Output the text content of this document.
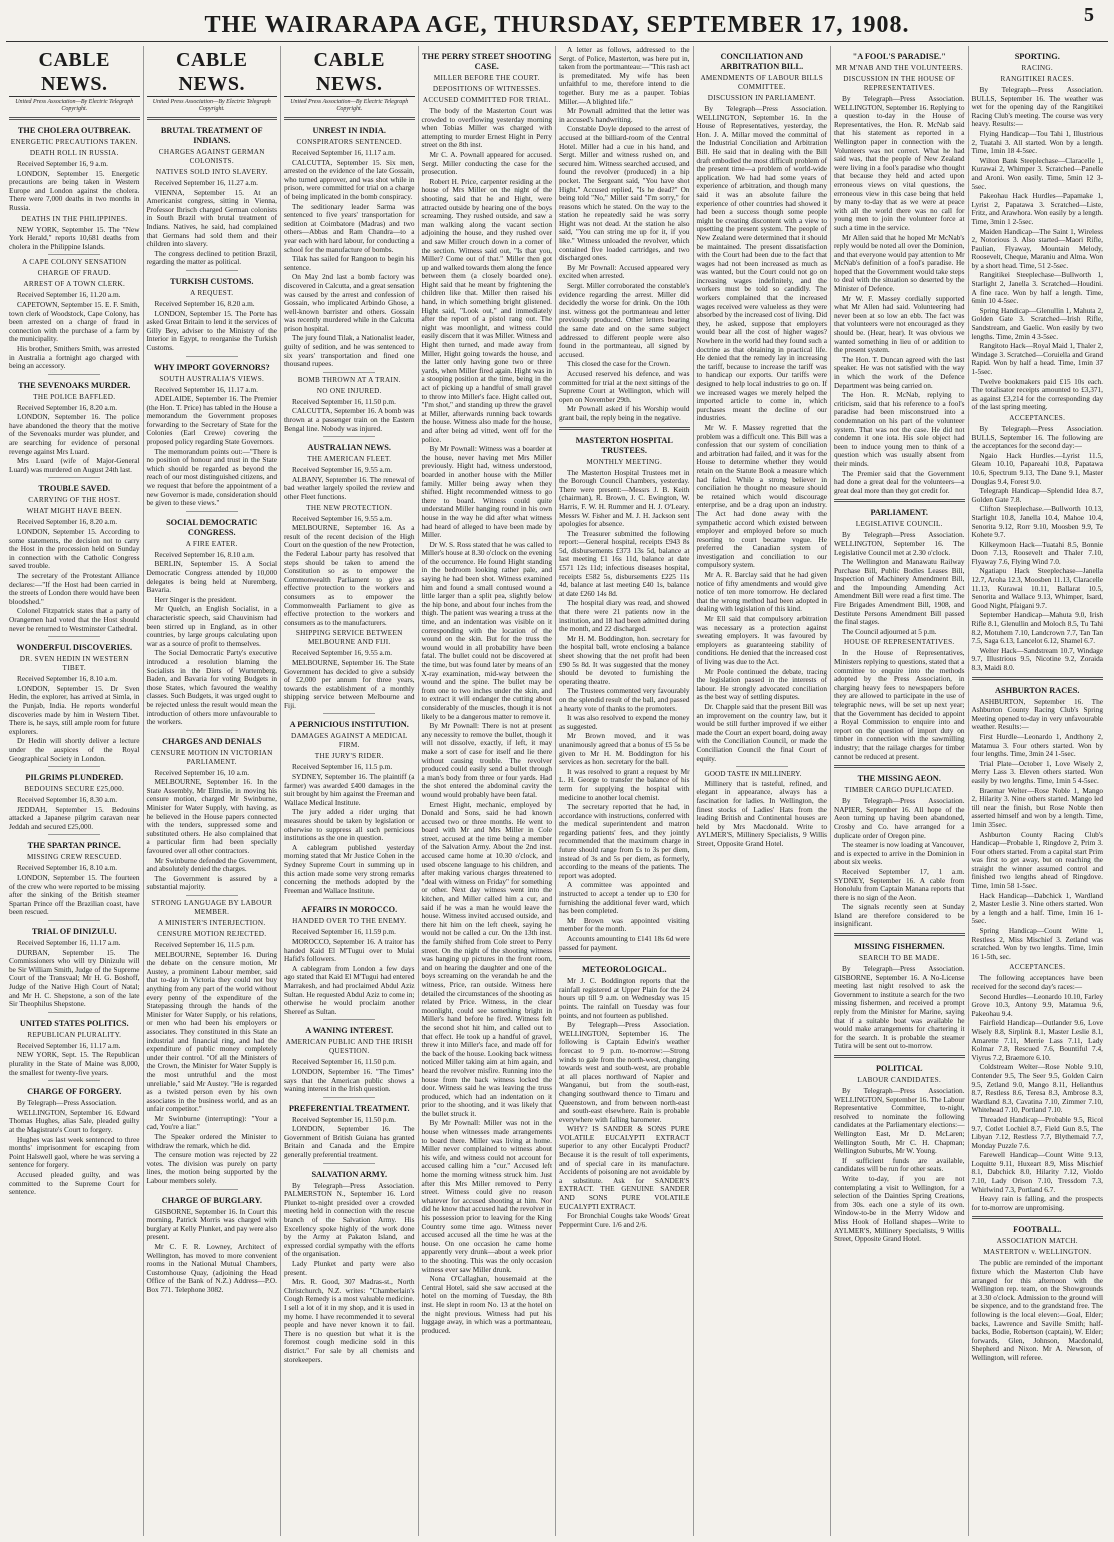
THE WAIRARAPA AGE, THURSDAY, SEPTEMBER 17, 1908.	5
CABLE NEWS.
United Press Association—By Electric Telegraph Copyright.
THE CHOLERA OUTBREAK.
ENERGETIC PRECAUTIONS TAKEN.
DEATH ROLL IN RUSSIA.

Received September 16, 9 a.m.

LONDON, September 15. Energetic precautions are being taken in Western Europe and London against the cholera. There were 7,000 deaths in two months in Russia.

DEATHS IN THE PHILIPPINES.

NEW YORK, September 15. The "New York Herald," reports 10,681 deaths from cholera in the Philippine Islands.

A CAPE COLONY SENSATION
CHARGE OF FRAUD.
ARREST OF A TOWN CLERK.

Received September 16, 11.20 a.m.

CAPETOWN, September 15. E. F. Smith, town clerk of Woodstock, Cape Colony, has been arrested on a charge of fraud in connection with the purchase of a farm by the municipality.

His brother, Smithers Smith, was arrested in Australia a fortnight ago charged with being an accessory.

THE SEVENOAKS MURDER.
THE POLICE BAFFLED.

Received September 16, 8.20 a.m.

LONDON, September 16. The police have abandoned the theory that the motive of the Sevenoaks murder was plunder, and are searching for evidence of personal revenge against Mrs Luard.

Mrs Luard (wife of Major-General Luard) was murdered on August 24th last.

TROUBLE SAVED.
CARRYING OF THE HOST.
WHAT MIGHT HAVE BEEN.

Received September 16, 8.20 a.m.

LONDON, September 15. According to some statements, the decision not to carry the Host in the procession held on Sunday in connection with the Catholic Congress saved trouble.

The secretary of the Protestant Alliance declares:—"If the Host had been carried in the streets of London there would have been bloodshed."

Colonel Fitzpatrick states that a party of Orangemen had voted that the Host should never be returned to Westminster Cathedral.

WONDERFUL DISCOVERIES.
DR. SVEN HEDIN IN WESTERN TIBET.

Received September 16, 8.10 a.m.

LONDON, September 15. Dr Sven Hedin, the explorer, has arrived at Simla, in the Punjab, India. He reports wonderful discoveries made by him in Western Tibet. There is, he says, still ample room for future explorers.

Dr Hedin will shortly deliver a lecture under the auspices of the Royal Geographical Society in London.

PILGRIMS PLUNDERED.
BEDOUINS SECURE £25,000.

Received September 16, 8.30 a.m.

JEDDAH, September 15. Bedouins attacked a Japanese pilgrim caravan near Jeddah and secured £25,000.

THE SPARTAN PRINCE.
MISSING CREW RESCUED.

Received September 16, 8.10 a.m.

LONDON, September 15. The fourteen of the crew who were reported to be missing after the sinking of the British steamer Spartan Prince off the Brazilian coast, have been rescued.

TRIAL OF DINIZULU.

Received September 16, 11.17 a.m.

DURBAN, September 15. The Commissioners who will try Dinizulu will be Sir William Smith, Judge of the Supreme Court of the Transvaal; Mr H. G. Boshoff, Judge of the Native High Court of Natal; and Mr H. C. Shepstone, a son of the late Sir Theophilus Shepstone.

UNITED STATES POLITICS.
REPUBLICAN PLURALITY.

Received September 16, 11.17 a.m.

NEW YORK, Sept. 15. The Republican plurality in the State of Maine was 8,000, the smallest for twenty-five years.

CHARGE OF FORGERY.

By Telegraph—Press Association.

WELLINGTON, September 16. Edward Thomas Hughes, alias Sale, pleaded guilty at the Magistrate's Court to forgery.

Hughes was last week sentenced to three months' imprisonment for escaping from Point Halswell gaol, where he was serving a sentence for forgery.

Accused pleaded guilty, and was committed to the Supreme Court for sentence.

CABLE NEWS.
United Press Association—By Electric Telegraph Copyright.
BRUTAL TREATMENT OF INDIANS.
CHARGES AGAINST GERMAN COLONISTS.
NATIVES SOLD INTO SLAVERY.

Received September 16, 11.27 a.m.

VIENNA, September 15. At an Americanist congress, sitting in Vienna, Professor Ihrisch charged German colonists in South Brazil with brutal treatment of Indians. Natives, he said, had complained that Germans had sold them and their children into slavery.

The congress declined to petition Brazil, regarding the matter as political.

TURKISH CUSTOMS.
A REQUEST.

Received September 16, 8.20 a.m.

LONDON, September 15. The Porte has asked Great Britain to lend it the services of Gilly Bey, adviser to the Ministry of the Interior in Egypt, to reorganise the Turkish Customs.

WHY IMPORT GOVERNORS?
SOUTH AUSTRALIA'S VIEWS.

Received September 16, 11.17 a.m.

ADELAIDE, September 16. The Premier (the Hon. T. Price) has tabled in the House a memorandum the Government proposes forwarding to the Secretary of State for the Colonies (Earl Crewe) covering the proposed policy regarding State Governors.

The memorandum points out:—"There is no position of honour and trust in the State which should be regarded as beyond the reach of our most distinguished citizens, and we request that before the appointment of a new Governor is made, consideration should be given to these views."

SOCIAL DEMOCRATIC CONGRESS.
A FIRE EATER.

Received September 16, 8.10 a.m.

BERLIN, September 15. A Social Democratic Congress attended by 10,000 delegates is being held at Nuremberg, Bavaria.

Herr Singer is the president.

Mr Quelch, an English Socialist, in a characteristic speech, said Chauvinism had been stirred up in England, as in other countries, by large groups calculating upon war as a source of profit to themselves.

The Social Democratic Party's executive introduced a resolution blaming the Socialists in the Diets of Wurtemberg, Baden, and Bavaria for voting Budgets in those States, which favoured the wealthy classes. Such Budgets, it was urged ought to be rejected unless the result would mean the introduction of others more unfavourable to the workers.

CHARGES AND DENIALS
CENSURE MOTION IN VICTORIAN PARLIAMENT.

Received September 16, 10 a.m.

MELBOURNE, September 16. In the State Assembly, Mr Elmslie, in moving his censure motion, charged Mr Swinburne, Minister for Water Supply, with having, as he believed in the House papers connected with the tenders, suppressed some and substituted others. He also complained that a particular firm had been specially favoured over all other contractors.

Mr Swinburne defended the Government, and absolutely denied the charges.

The Government is assured by a substantial majority.

STRONG LANGUAGE BY LABOUR MEMBER.
A MINISTER'S INTERJECTION.
CENSURE MOTION REJECTED.

Received September 16, 11.5 p.m.

MELBOURNE, September 16. During the debate on the censure motion, Mr Austey, a prominent Labour member, said that to-day in Victoria they could not buy anything from any part of the world without every penny of the expenditure of the Statepassing through the hands of the Minister for Water Supply, or his relations, or men who had been his employers or associates. They constituted in this State an industrial and financial ring, and had the expenditure of public money completely under their control. "Of all the Ministers of the Crown, the Minister for Water Supply is the most untruthful and the most unreliable," said Mr Austey. "He is regarded as a twisted person even by his own associates in the business world, and as an unfair competitor."

Mr Swinburne (interrupting): "Your a cad, You're a liar."

The Speaker ordered the Minister to withdraw the remark, which he did.

The censure motion was rejected by 22 votes. The division was purely on party lines, the motion being supported by the Labour members solely.

CHARGE OF BURGLARY.

GISBORNE, September 16. In Court this morning, Patrick Morris was charged with burglary at Kelly Plunket, and pay were also present.

Mr C. F. R. Lowney, Architect of Wellington, has moved to more convenient rooms in the National Mutual Chambers, Customhouse Quay, (adjoining the Head Office of the Bank of N.Z.) Address—P.O. Box 771. Telephone 3082.

CABLE NEWS.
United Press Association—By Electric Telegraph Copyright.
UNREST IN INDIA.
CONSPIRATORS SENTENCED.

Received September 16, 11.17 a.m.

CALCUTTA, September 15. Six men, arrested on the evidence of the late Gossain, who turned approver, and was shot while in prison, were committed for trial on a charge of being implicated in the bomb conspiracy.

The seditionary leader Sarma was sentenced to five years' transportation for sedition at Coimbatore (Madras) and two others—Abbas and Ram Chandra—to a year each with hard labour, for conducting a school for the manufacture of bombs.

Tilak has sailed for Rangoon to begin his sentence.

On May 2nd last a bomb factory was discovered in Calcutta, and a great sensation was caused by the arrest and confession of Gossain, who implicated Arbindo Ghose, a well-known barrister and others. Gossain was recently murdered while in the Calcutta prison hospital.

The jury found Tilak, a Nationalist leader, guilty of sedition, and he was sentenced to six years' transportation and fined one thousand rupees.

BOMB THROWN AT A TRAIN.
NO ONE INJURED.

Received September 16, 11.50 p.m.

CALCUTTA, September 16. A bomb was thrown at a passenger train on the Eastern Bengal line. Nobody was injured.

AUSTRALIAN NEWS.
THE AMERICAN FLEET.

Received September 16, 9.55 a.m.

ALBANY, September 16. The renewal of bad weather largely spoiled the review and other Fleet functions.

THE NEW PROTECTION.

Received September 16, 9.55 a.m.

MELBOURNE, September 16. As a result of the recent decision of the High Court on the question of the new Protection, the Federal Labour party has resolved that steps should be taken to amend the Constitution so as to empower the Commonwealth Parliament to give as effective protection to the workers and consumers as to empower the Commonwealth Parliament to give as effective protection to the workers and consumers as to the manufacturers.

SHIPPING SERVICE BETWEEN MELBOURNE AND FIJI.

Received September 16, 9.55 a.m.

MELBOURNE, September 16. The State Government has decided to give a subsidy of £2,000 per annum for three years, towards the establishment of a monthly shipping service between Melbourne and Fiji.

A PERNICIOUS INSTITUTION.
DAMAGES AGAINST A MEDICAL FIRM.
THE JURY'S RIDER.

Received September 16, 11.5 p.m.

SYDNEY, September 16. The plaintiff (a farmer) was awarded £400 damages in the suit brought by him against the Freeman and Wallace Medical Institute.

The jury added a rider urging that measures should be taken by legislation or otherwise to suppress all such pernicious institutions as the one in question.

A cablegram published yesterday morning stated that Mr Justice Cohen in the Sydney Supreme Court in summing up in this action made some very strong remarks concerning the methods adopted by the Freeman and Wallace Institute.

AFFAIRS IN MOROCCO.
HANDED OVER TO THE ENEMY.

Received September 16, 11.59 p.m.

MOROCCO, September 16. A traitor has handed Kaid El M'Tugui over to Mulai Hafid's followers.

A cablegram from London a few days ago stated that Kaid El M'Tugui had entered Marrakesh, and had proclaimed Abdul Aziz Sultan. He requested Abdul Aziz to come in; otherwise he would proclaim another Shereef as Sultan.

A WANING INTEREST.
AMERICAN PUBLIC AND THE IRISH QUESTION.

Received September 16, 11.50 p.m.

LONDON, September 16. "The Times" says that the American public shows a waning interest in the Irish question.

PREFERENTIAL TREATMENT.

Received September 16, 11.50 p.m.

LONDON, September 16. The Government of British Guiana has granted Britain and Canada and the Empire generally preferential treatment.

SALVATION ARMY.

By Telegraph—Press Association. PALMERSTON N., September 16. Lord Plunket to-night presided over a crowded meeting held in connection with the rescue branch of the Salvation Army. His Excellency spoke highly of the work done by the Army at Pakaton Island, and expressed cordial sympathy with the efforts of the organisation.

Lady Plunket and party were also present.

Mrs. R. Good, 307 Madras-st., North Christchurch, N.Z. writes: "Chamberlain's Cough Remedy is a most valuable medicine. I sell a lot of it in my shop, and it is used in my home. I have recommended it to several people and have never known it to fail. There is no question but what it is the foremost cough medicine sold in this district." For sale by all chemists and storekeepers.

THE PERRY STREET SHOOTING CASE.
MILLER BEFORE THE COURT.
DEPOSITIONS OF WITNESSES.
ACCUSED COMMITTED FOR TRIAL.

The body of the Masterton Court was crowded to overflowing yesterday morning when Tobias Miller was charged with attempting to murder Ernest Hight in Perry street on the 8th inst.

Mr C. A. Pownall appeared for accused. Sergt. Miller conducting the case for the prosecution.

Robert H. Price, carpenter residing at the house of Mrs Miller on the night of the shooting, said that he and Hight, were attracted outside by hearing one of the boys screaming. They rushed outside, and saw a man walking along the vacant section adjoining the house, and they rushed over and saw Miller crouch down in a corner of the section. Witness said out, "Is that you, Miller? Come out of that." Miller then got up and walked towards them along the fence between them (a closely boarded one). Hight said that he meant by frightening the children like that. Miller then raised his hand, in which something bright glistened. Hight said, "Look out," and immediately after the report of a pistol rang out. The night was moonlight, and witness could easily discern that it was Miller. Witness and Hight then turned, and made away from Miller, Hight going towards the house, and the latter only having gone two or three yards, when Miller fired again. Hight was in a stooping position at the time, being in the act of picking up a handful of small gravel to throw into Miller's face. Hight called out, "I'm shot," and standing up threw the gravel at Miller, afterwards running back towards the house. Witness also made for the house, and after being ad vitted, went off for the police.

By Mr Pownall: Witness was a boarder at the house, never having met Mrs Miller previously. Hight had, witness understood, boarded in another house with the Miller family. Miller being away when they shifted. Hight recommended witness to go there to board. Witness could quite understand Miller hanging round in his own house in the way he did after what witness had heard of alleged to have been made by Miller.

Dr W. S. Ross stated that he was called to Miller's house at 8.30 o'clock on the evening of the occurrence. He found Hight standing in the bedroom looking rather pale, and saying he had been shot. Witness examined him and found a small contused wound a little larger than a split pea, slightly below the hip bone, and about four inches from the thigh. The patient was wearing a truss at the time, and an indentation was visible on it corresponding with the location of the wound on the skin. But for the truss the wound would in all probability have been fatal. The bullet could not be discovered at the time, but was found later by means of an X-ray examination, mid-way between the wound and the spine. The bullet may be from one to two inches under the skin, and to extract it will endanger the cutting about considerably of the muscles, though it is not likely to be a dangerous matter to remove it.

By Mr Pownall: There is not at present any necessity to remove the bullet, though it will not dissolve, exactly, if left, it may make a sort of case for itself and lie there without causing trouble. The revolver produced could easily send a bullet through a man's body from three or four yards. Had the shot entered the abdominal cavity the wound would probably have been fatal.

Ernest Hight, mechanic, employed by Donald and Sons, said he had known accused two or three months. He went to board with Mr and Mrs Miller in Cole street, accused at the time being a member of the Salvation Army. About the 2nd inst. accused came home at 10.30 o'clock, and used obscene language to his children, and after making various charges threatened to "deal with witness on Friday" for something or other. Next day witness went into the kitchen, and Miller called him a cur, and said if he was a man he would leave the house. Witness invited accused outside, and there hit him on the left cheek, saying he would not be called a cur. On the 13th inst. the family shifted from Cole street to Perry street. On the night of the shooting witness was hanging up pictures in the front room, and on hearing the daughter and one of the boys screaming on the verandah he and the witness, Price, ran outside. Witness here detailed the circumstances of the shooting as related by Price. Witness, in the clear moonlight, could see something bright in Miller's hand before he fired. Witness felt the second shot hit him, and called out to that effect. He took up a handful of gravel, threw it into Miller's face, and made off for the back of the house. Looking back witness noticed Miller taking aim at him again, and heard the revolver misfire. Running into the house from the back witness locked the door. Witness said he was leaving the truss produced, which had an indentation on it prior to the shooting, and it was likely that the bullet struck it.

By Mr Pownall: Miller was not in the house when witnesses made arrangements to board there. Miller was living at home. Miller never complained to witness about his wife, and witness could not account for accused calling him a "cur." Accused left home the morning witness struck him. Just after this Mrs Miller removed to Perry street. Witness could give no reason whatever for accused shooting at him. Nor did he know that accused had the revolver in his possession prior to leaving for the King Country some time ago. Witness never accused accused all the time he was at the house. On one occasion he came home apparently very drunk—about a week prior to the shooting. This was the only occasion witness ever saw Miller drunk.

Nona O'Callaghan, housemaid at the Central Hotel, said she saw accused at the hotel on the morning of Tuesday, the 8th inst. He slept in room No. 13 at the hotel on the night previous. Witness had put his luggage away, in which was a portmanteau, produced.

A letter as follows, addressed to the Sergt. of Police, Masterton, was here put in, taken from the portmanteau:—"This rash act is premeditated. My wife has been unfaithful to me, therefore intend to die together. Bury me as a pauper. Tobias Miller.—A blighted life."

Mr Pownall admitted that the letter was in accused's handwriting.

Constable Doyle deposed to the arrest of accused at the billiard-room of the Central Hotel. Miller had a cue in his hand, and Sergt. Miller and witness rushed on, and secured him. Witness searched accused, and found the revolver (produced) in a hip pocket. The Sergeant said, "You have shot Hight." Accused replied, "Is he dead?" On being told "No," Miller said "I'm sorry," for reasons which he stated. On the way to the station he repeatedly said he was sorry Hight was not dead. At the station he also said, "You can string me up for it, if you like." Witness unloaded the revolver, which contained five loaded cartridges, and two discharged ones.

By Mr Pownall: Accused appeared very excited when arrested.

Sergt. Miller corroborated the constable's evidence regarding the arrest. Miller did decidedly the worse for drink. On the 10th inst. witness got the portmanteau and letter previously produced. Other letters bearing the same date and on the same subject addressed to different people were also found in the portmanteau, all signed by accused.

This closed the case for the Crown.

Accused reserved his defence, and was committed for trial at the next sittings of the Supreme Court at Wellington, which will open on November 29th.

Mr Pownall asked if his Worship would grant bail, the reply being in the negative.

MASTERTON HOSPITAL TRUSTEES.
MONTHLY MEETING.

The Masterton Hospital Trustees met in the Borough Council Chambers, yesterday. There were present:—Messrs J. B. Keith (chairman), R. Brown, J. C. Ewington, W. Harris, F. W. H. Rummer and H. J. O'Leary. Messrs W. Fisher and M. J. H. Jackson sent apologies for absence.

The Treasurer submitted the following report:—General hospital, receipts £943 8s 5d, disbursements £373 13s 5d, balance at last meeting £1 16s 11d, balance at date £571 12s 11d; infectious diseases hospital, receipts £582 5s, disbursements £225 11s 4d, balance at last meeting £40 1s, balance at date £260 14s 8d.

The hospital diary was read, and showed that there were 21 patients now in the institution, and 18 had been admitted during the month, and 22 discharged.

Mr H. M. Boddington, hon. secretary for the hospital ball, wrote enclosing a balance sheet showing that the net profit had been £90 5s 8d. It was suggested that the money should be devoted to furnishing the operating theatre.

The Trustees commented very favourably on the splendid result of the ball, and passed a hearty vote of thanks to the promoters.

It was also resolved to expend the money as suggested.

Mr Brown moved, and it was unanimously agreed that a bonus of £5 5s be given to Mr H. M. Boddington for his services as hon. secretary for the ball.

It was resolved to grant a request by Mr L. H. George to transfer the balance of his term for supplying the hospital with medicine to another local chemist.

The secretary reported that he had, in accordance with instructions, conferred with the medical superintendent and matron regarding patients' fees, and they jointly recommended that the maximum charge in future should range from £s to 3s per diem, instead of 3s and 5s per diem, as formerly, according to the means of the patients. The report was adopted.

A committee was appointed and instructed to accept a tender up to £30 for furnishing the additional fever ward, which has been completed.

Mr Brown was appointed visiting member for the month.

Accounts amounting to £141 18s 6d were passed for payment.

METEOROLOGICAL.

Mr J. C. Boddington reports that the rainfall registered at Upper Plain for the 24 hours up till 9 a.m. on Wednesday was 15 points. The rainfall on Tuesday was four points, and not fourteen as published.

By Telegraph—Press Association. WELLINGTON, September 16. The following is Captain Edwin's weather forecast to 9 p.m. to-morrow:—Strong winds to gale from the north-west, changing towards west and south-west, are probable at all places northward of Napier and Wanganui, but from the south-east, changing southward thence to Timaru and Queenstown, and from between north-east and south-east elsewhere. Rain is probable everywhere with falling barometer.

WHY? IS SANDER & SONS PURE VOLATILE EUCALYPTI EXTRACT superior to any other Eucalypti Product? Because it is the result of toll experiments, and of special care in its manufacture. Accidents of poisoning are not avoidable by a substitute. Ask for SANDER'S EXTRACT. THE GENUINE SANDER AND SONS PURE VOLATILE EUCALYPTI EXTRACT.

For Bronchial Coughs take Woods' Great Peppermint Cure. 1/6 and 2/6.

CONCILIATION AND ARBITRATION BILL.
AMENDMENTS OF LABOUR BILLS COMMITTEE.
DISCUSSION IN PARLIAMENT.

By Telegraph—Press Association. WELLINGTON, September 16. In the House of Representatives, yesterday, the Hon. J. A. Millar moved the committal of the Industrial Conciliation and Arbitration Bill. He said that in dealing with the Bill draft embodied the most difficult problem of the present time—a problem of world-wide application. We had had some years of experience of arbitration, and though many said it was an absolute failure the experience of other countries had showed it had been a success though some people might be creating discontent with a view to upsetting the present system. The people of New Zealand were determined that it should be maintained. The present dissatisfaction with the Court had been due to the fact that wages had not been increased as much as was wanted, but the Court could not go on increasing wages indefinitely, and the workers must be told so candidly. The workers complained that the increased wages received were valueless as they were absorbed by the increased cost of living. Did they, he asked, suppose that employers would bear all the cost of higher wages? Nowhere in the world had they found such a doctrine as that obtaining in practical life. He denied that the remedy lay in increasing the tariff, because to increase the tariff was to handicap our exports. Our tariffs were designed to help local industries to go on. If we increased wages we merely helped the imported article to come in, which purchases meant the decline of our industries.

Mr W. F. Massey regretted that the problem was a difficult one. This Bill was a confession that our system of conciliation and arbitration had failed, and it was for the House to determine whether they would retain on the Statute Book a measure which had failed. While a strong believer in conciliation he thought no measure should be retained which would discourage enterprise, and be a drag upon an industry. The Act had done away with the sympathetic accord which existed between employer and employed before so much resorting to court became vogue. He preferred the Canadian system of investigation and conciliation to our compulsory system.

Mr A. R. Barclay said that he had given notice of fifty amendments and would give notice of ten more tomorrow. He declared that the wrong method had been adopted in dealing with legislation of this kind.

Mr Ell said that compulsory arbitration was necessary as a protection against sweating employers. It was favoured by employers as guaranteeing stability of conditions. He denied that the increased cost of living was due to the Act.

Mr Poole continued the debate, tracing the legislation passed in the interests of labour. He strongly advocated conciliation as the best way of settling disputes.

Dr. Chapple said that the present Bill was an improvement on the country law, but it would be still further improved if we either made the Court an expert board, doing away with the Conciliation Council, or made the Conciliation Council the final Court of equity.

GOOD TASTE IN MILLINERY.

Millinery that is tasteful, refined, and elegant in appearance, always has a fascination for ladies. In Wellington, the finest stocks of Ladies' Hats from the leading British and Continental houses are held by Mrs Macdonald. Write to AYLMER'S, Millinery Specialists, 9 Willis Street, Opposite Grand Hotel.

"A FOOL'S PARADISE."
MR M'NAB AND THE VOLUNTEERS.
DISCUSSION IN THE HOUSE OF REPRESENTATIVES.

By Telegraph—Press Association. WELLINGTON, September 16. Replying to a question to-day in the House of Representatives, the Hon. R. McNab said that his statement as reported in a Wellington paper in connection with the Volunteers was not correct. What he had said was, that the people of New Zealand were living in a fool's paradise who thought that because they held and acted upon erroneous views on vital questions, the erroneous view in this case being that held by many to-day that as we were at peace with all the world there was no call for young men to join the volunteer force at such a time in the service.

Mr Allen said that he hoped Mr McNab's reply would be noted all over the Dominion, and that everyone would pay attention to Mr McNab's definition of a fool's paradise. He hoped that the Government would take steps to deal with the situation so deserted by the Minister of Defence.

Mr W. F. Massey cordially supported what Mr Allen had said. Volunteering had never been at so low an ebb. The fact was that volunteers were not encouraged as they should be. (Hear, hear). It was obvious we wanted something in lieu of or addition to the present system.

The Hon. T. Duncan agreed with the last speaker. He was not satisfied with the way in which the work of the Defence Department was being carried on.

The Hon. R. McNab, replying to criticism, said that his reference to a fool's paradise had been misconstrued into a condemnation on his part of the volunteer system. That was not the case. He did not condemn it one iota. His sole object had been to induce young men to think of a question which was usually absent from their minds.

The Premier said that the Government had done a great deal for the volunteers—a great deal more than they got credit for.

PARLIAMENT.
LEGISLATIVE COUNCIL.

By Telegraph—Press Association. WELLINGTON, September 16. The Legislative Council met at 2.30 o'clock.

The Wellington and Manawatu Railway Purchase Bill, Public Bodies Leases Bill, Inspection of Machinery Amendment Bill, and the Impounding Amending Act Amendment Bill were read a first time. The Fire Brigades Amendment Bill, 1908, and Destitute Persons Amendment Bill passed the final stages.

The Council adjourned at 5 p.m.

HOUSE OF REPRESENTATIVES.

In the House of Representatives, Ministers replying to questions, stated that a committee to enquire into the methods adopted by the Press Association, in charging heavy fees to newspapers before they are allowed to participate in the use of telegraphic news, will be set up next year; that the Government has decided to appoint a Royal Commission to enquire into and report on the question of import duty on timber in connection with the sawmilling industry; that the railage charges for timber cannot be reduced at present.

THE MISSING AEON.
TIMBER CARGO DUPLICATED.

By Telegraph—Press Association. NAPIER, September 16. All hope of the Aeon turning up having been abandoned, Crosby and Co. have arranged for a duplicate order of Oregon pine.

The steamer is now loading at Vancouver, and is expected to arrive in the Dominion in about six weeks.

Received September 17, 1 a.m. SYDNEY, September 16. A cable from Honolulu from Captain Manana reports that there is no sign of the Aeon.

The signals recently seen at Sunday Island are therefore considered to be insignificant.

MISSING FISHERMEN.
SEARCH TO BE MADE.

By Telegraph—Press Association. GISBORNE, September 16. A No-License meeting last night resolved to ask the Government to institute a search for the two missing fishermen, and received a prompt reply from the Minister for Marine, saying that if a suitable boat was available he would make arrangements for chartering it for the search. It is probable the steamer Tutira will be sent out to-morrow.

POLITICAL
LABOUR CANDIDATES.

By Telegraph—Press Association. WELLINGTON, September 16. The Labour Representative Committee, to-night, resolved to nominate the following candidates at the Parliamentary elections:—Wellington East, Mr D. McLaren; Wellington South, Mr C. H. Chapman; Wellington Suburbs, Mr W. Young.

If sufficient funds are available, candidates will be run for other seats.

Write to-day, if you are not contemplating a visit to Wellington, for a selection of the Dainties Spring Creations, from 30s. each one a style of its own. Window-to-be in the Merry Widow and Miss Hook of Holland shapes—Write to AYLMER'S, Millinery Specialists, 9 Willis Street, Opposite Grand Hotel.

SPORTING.
RACING.
RANGITIKEI RACES.

By Telegraph—Press Association. BULLS, September 16. The weather was wet for the opening day of the Rangitikei Racing Club's meeting. The course was very heavy. Results:—

Flying Handicap—Tou Tahi 1, Illustrious 2, Tuatahi 3. All started. Won by a length. Time, 1min 18 4-5sec.

Wilton Bank Steeplechase—Claracelle 1, Kurawai 2, Whimper 3. Scratched—Panelle and Aroni. Won easily. Time, 5min 12 3-5sec.

Pakeohau Hack Hurdles—Papamake 1, Lyrist 2, Papatawa 3. Scratched—Liste, Fritz, and Arawhora. Won easily by a length. Time, 3min 1 2-5sec.

Maiden Handicap—The Saint 1, Wireless 2, Notorious 3. Also started—Maori Rifle, Paulian, Flyaway, Mountain Melody, Roosevelt, Cheque, Maraniu and Alma. Won by a short head. Time, 51 2-5sec.

Rangitikei Steeplechase—Bullworth 1, Starlight 2, Janella 3. Scratched—Houdini. A fine race. Won by half a length. Time, 6min 10 4-5sec.

Spring Handicap—Glenullin 1, Mahuta 2, Golden Gate 3. Scratched—Irish Rifle, Sandstream, and Gaelic. Won easily by two lengths. Time, 2min 4 3-5sec.

Rangitoto Hack—Royal Maid 1, Thaler 2, Windage 3. Scratched—Coruiella and Grand Rapid. Won by half a head. Time, 1min 37 1-5sec.

Twelve bookmakers paid £15 10s each. The totalisator receipts amounted to £3,371, as against £3,214 for the corresponding day of the last spring meeting.

ACCEPTANCES.

By Telegraph—Press Association. BULLS, September 16. The following are the acceptances for the second day:—

Ngaio Hack Hurdles.—Lyrist 11.5, Gleam 10.10, Papareahi 10.8, Papatawa 10.6, Spectrum 9.13, The Dane 9.1, Master Douglas 9.4, Forest 9.0.

Telegraph Handicap—Splendid Idea 8.7, Golden Gate 7.8.

Clifton Steeplechase.—Bullworth 10.13, Starlight 10.8, Janella 10.4, Mahoe 10.4, Senorita 9.12, Rorr 9.10, Moosben 9.9, Te Kohete 9.7.

Kilkeymoon Hack—Tuatahi 8.5, Bonnie Doon 7.13, Roosevelt and Thaler 7.10, Flyaway 7.6, Flying Wind 7.0.

Ngatiapu Hack Steeplechase—Janella 12.7, Aroha 12.3, Moosben 11.13, Claracelle 11.13, Kurawai 10.11, Ballarat 10.5, Senorita and Wallace 9.13, Whimper, Isard, Good Night, Pfaigani 9.7.

September Handicap—Mahuta 9.0, Irish Rifle 8.1, Glenullin and Moloch 8.5, Tu Tahi 8.2, Motuhem 7.10, Landcrown 7.7, Tan Tan 7.5, Saga 6.13, Lancelot 6.12, Shamel 6.7.

Welter Hack—Sandstream 10.7, Windage 9.7, Illustrious 9.5, Nicotine 9.2, Zoraida 8.3, Maidi 8.0.

ASHBURTON RACES.

ASHBURTON, September 16. The Ashburton County Racing Club's Spring Meeting opened to-day in very unfavourable weather. Results:—

First Hurdle—Leonardo 1, Andthony 2, Matamua 3. Four others started. Won by four lengths. Time, 3min 24 1-5sec.

Trial Plate—October 1, Love Wisely 2, Merry Lass 3. Eleven others started. Won easily by two lengths. Time, 1min 5 4-5sec.

Braemar Welter—Rose Noble 1, Mango 2, Hilarity 3. Nine others started. Mango led till near the finish, but Rose Noble then asserted himself and won by a length. Time, 1min 35sec.

Ashburton County Racing Club's Handicap—Probable 1, Ringdove 2, Prim 3. Four others started. From a capital start Prim was first to get away, but on reaching the straight the winner assumed control and finished two lengths ahead of Ringdove. Time, 1min 58 1-5sec.

Hack Handicap—Dabchick 1, Wardland 2, Master Leslie 3. Nine others started. Won by a length and a half. Time, 1min 16 1-5sec.

Spring Handicap—Count Witte 1, Restless 2, Miss Mischief 3. Zetland was scratched. Won by two lengths. Time, 1min 16 1-5th, sec.

ACCEPTANCES.

The following acceptances have been received for the second day's races:—

Second Hurdles—Leonardo 10.10, Farley Grove 10.3, Antony 9.9, Matamua 9.6, Pakeohau 9.4.

Fairfield Handicap—Outlander 9.6, Love Wisely 8.8, Sirplink 8.1, Master Leslie 8.1, Amarette 7.11, Merrie Lass 7.11, Lady Kolmar 7.8, Rescued 7.6, Bountiful 7.4, Viyrus 7.2, Braemore 6.10.

Coldstream Welter—Rose Noble 9.10, Contender 9.5, The Seer 9.5, Golden Cairn 9.5, Zetland 9.0, Mango 8.11, Helianthus 8.7, Restless 8.6, Teresa 8.3, Ambrose 8.3, Wardland 8.3, Cavatina 7.10, Zimmer 7.10, Whitehead 7.10, Portland 7.10.

Threaded Handicap—Probable 9.5, Ricol 9.7, Cotlet Lochiel 8.7, Field Gun 8.5, The Libyan 7.12, Restless 7.7, Blythemaid 7.7, Monday Puzzle 7.6.

Farewell Handicap—Count Witte 9.13, Loquitte 9.11, Huxeart 8.9, Miss Mischief 8.1, Dabchick 8.0, Hilarity 7.12, Violdo 7.10, Lady Orison 7.10, Tressdom 7.3, Whirlwind 7.3, Portland 6.7.

Heavy rain is falling, and the prospects for to-morrow are unpromising.

FOOTBALL.
ASSOCIATION MATCH.
MASTERTON v. WELLINGTON.

The public are reminded of the important fixture which the Masterton Club have arranged for this afternoon with the Wellington rep. team, on the Showgrounds at 3.30 o'clock. Admission to the ground will be sixpence, and to the grandstand free. The following is the local eleven:—Goal, Elder; backs, Lawrence and Saville Smith; half-backs, Bodie, Robertson (captain), W. Elder; forwards, Glen, Johnson, Macdonald, Shepherd and Nixon. Mr A. Newson, of Wellington, will referee.
